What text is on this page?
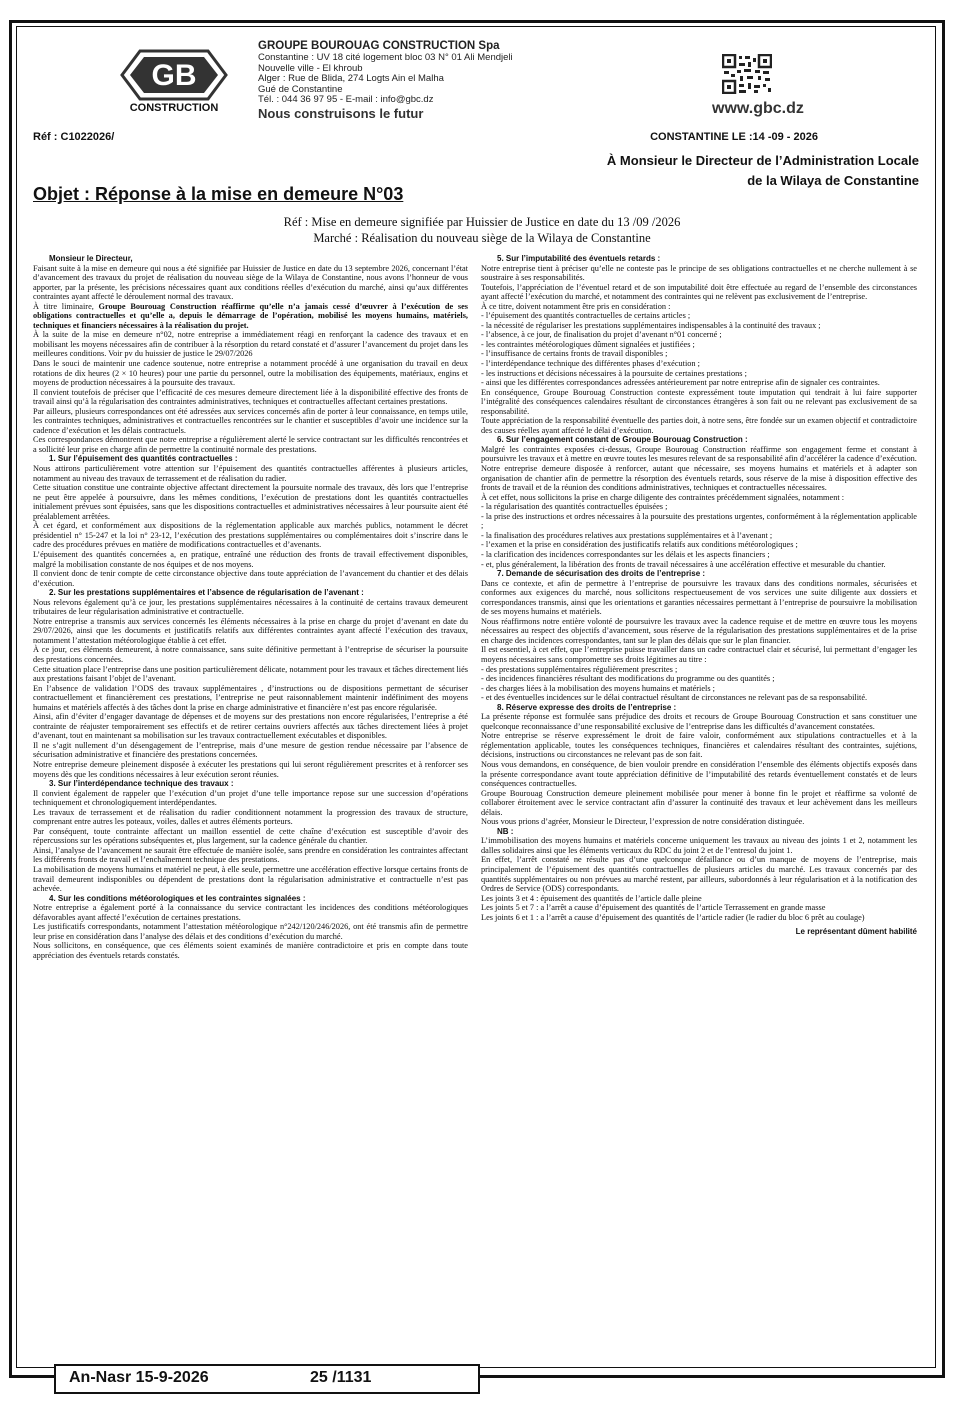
GB
CONSTRUCTION
GROUPE BOUROUAG CONSTRUCTION Spa
Constantine : UV 18 cité logement bloc 03 N° 01 Ali Mendjeli
Nouvelle ville - El khroub
Alger : Rue de Blida, 274 Logts Ain el Malha
Gué de Constantine
Tél. : 044 36 97 95 - E-mail : info@gbc.dz
Nous construisons le futur	www.gbc.dz
Réf : C1022026/	CONSTANTINE LE :14 -09 - 2026
À Monsieur le Directeur de l’Administration Locale
de la Wilaya de Constantine
Objet : Réponse à la mise en demeure N°03
Réf : Mise en demeure signifiée par Huissier de Justice en date du 13 /09 /2026
Marché : Réalisation du nouveau siège de la Wilaya de Constantine

Monsieur le Directeur,

Faisant suite à la mise en demeure qui nous a été signifiée par Huissier de Justice en date du 13 septembre 2026, concernant l’état d’avancement des travaux du projet de réalisation du nouveau siège de la Wilaya de Constantine, nous avons l’honneur de vous apporter, par la présente, les précisions nécessaires quant aux conditions réelles d’exécution du marché, ainsi qu’aux différentes contraintes ayant affecté le déroulement normal des travaux.

À titre liminaire, Groupe Bourouag Construction réaffirme qu’elle n’a jamais cessé d’œuvrer à l’exécution de ses obligations contractuelles et qu’elle a, depuis le démarrage de l’opération, mobilisé les moyens humains, matériels, techniques et financiers nécessaires à la réalisation du projet.

À la suite de la mise en demeure n°02, notre entreprise a immédiatement réagi en renforçant la cadence des travaux et en mobilisant les moyens nécessaires afin de contribuer à la résorption du retard constaté et d’assurer l’avancement du projet dans les meilleures conditions. Voir pv du huissier de justice le 29/07/2026

Dans le souci de maintenir une cadence soutenue, notre entreprise a notamment procédé à une organisation du travail en deux rotations de dix heures (2 × 10 heures) pour une partie du personnel, outre la mobilisation des équipements, matériaux, engins et moyens de production nécessaires à la poursuite des travaux.

Il convient toutefois de préciser que l’efficacité de ces mesures demeure directement liée à la disponibilité effective des fronts de travail ainsi qu’à la régularisation des contraintes administratives, techniques et contractuelles affectant certaines prestations.

Par ailleurs, plusieurs correspondances ont été adressées aux services concernés afin de porter à leur connaissance, en temps utile, les contraintes techniques, administratives et contractuelles rencontrées sur le chantier et susceptibles d’avoir une incidence sur la cadence d’exécution et les délais contractuels.

Ces correspondances démontrent que notre entreprise a régulièrement alerté le service contractant sur les difficultés rencontrées et a sollicité leur prise en charge afin de permettre la continuité normale des prestations.

1. Sur l’épuisement des quantités contractuelles :

Nous attirons particulièrement votre attention sur l’épuisement des quantités contractuelles afférentes à plusieurs articles, notamment au niveau des travaux de terrassement et de réalisation du radier.

Cette situation constitue une contrainte objective affectant directement la poursuite normale des travaux, dès lors que l’entreprise ne peut être appelée à poursuivre, dans les mêmes conditions, l’exécution de prestations dont les quantités contractuelles initialement prévues sont épuisées, sans que les dispositions contractuelles et administratives nécessaires à leur poursuite aient été préalablement arrêtées.

À cet égard, et conformément aux dispositions de la réglementation applicable aux marchés publics, notamment le décret présidentiel n° 15-247 et la loi n° 23-12, l’exécution des prestations supplémentaires ou complémentaires doit s’inscrire dans le cadre des procédures prévues en matière de modifications contractuelles et d’avenants.

L’épuisement des quantités concernées a, en pratique, entraîné une réduction des fronts de travail effectivement disponibles, malgré la mobilisation constante de nos équipes et de nos moyens.

Il convient donc de tenir compte de cette circonstance objective dans toute appréciation de l’avancement du chantier et des délais d’exécution.

2. Sur les prestations supplémentaires et l’absence de régularisation de l’avenant :

Nous relevons également qu’à ce jour, les prestations supplémentaires nécessaires à la continuité de certains travaux demeurent tributaires de leur régularisation administrative et contractuelle.

Notre entreprise a transmis aux services concernés les éléments nécessaires à la prise en charge du projet d’avenant en date du 29/07/2026, ainsi que les documents et justificatifs relatifs aux différentes contraintes ayant affecté l’exécution des travaux, notamment l’attestation météorologique établie à cet effet.

À ce jour, ces éléments demeurent, à notre connaissance, sans suite définitive permettant à l’entreprise de sécuriser la poursuite des prestations concernées.

Cette situation place l’entreprise dans une position particulièrement délicate, notamment pour les travaux et tâches directement liés aux prestations faisant l’objet de l’avenant.

En l’absence de validation l’ODS des travaux supplémentaires , d’instructions ou de dispositions permettant de sécuriser contractuellement et financièrement ces prestations, l’entreprise ne peut raisonnablement maintenir indéfiniment des moyens humains et matériels affectés à des tâches dont la prise en charge administrative et financière n’est pas encore régularisée.

Ainsi, afin d’éviter d’engager davantage de dépenses et de moyens sur des prestations non encore régularisées, l’entreprise a été contrainte de réajuster temporairement ses effectifs et de retirer certains ouvriers affectés aux tâches directement liées à projet d’avenant, tout en maintenant sa mobilisation sur les travaux contractuellement exécutables et disponibles.

Il ne s’agit nullement d’un désengagement de l’entreprise, mais d’une mesure de gestion rendue nécessaire par l’absence de sécurisation administrative et financière des prestations concernées.

Notre entreprise demeure pleinement disposée à exécuter les prestations qui lui seront régulièrement prescrites et à renforcer ses moyens dès que les conditions nécessaires à leur exécution seront réunies.

3. Sur l’interdépendance technique des travaux :

Il convient également de rappeler que l’exécution d’un projet d’une telle importance repose sur une succession d’opérations techniquement et chronologiquement interdépendantes.

Les travaux de terrassement et de réalisation du radier conditionnent notamment la progression des travaux de structure, comprenant entre autres les poteaux, voiles, dalles et autres éléments porteurs.

Par conséquent, toute contrainte affectant un maillon essentiel de cette chaîne d’exécution est susceptible d’avoir des répercussions sur les opérations subséquentes et, plus largement, sur la cadence générale du chantier.

Ainsi, l’analyse de l’avancement ne saurait être effectuée de manière isolée, sans prendre en considération les contraintes affectant les différents fronts de travail et l’enchaînement technique des prestations.

La mobilisation de moyens humains et matériel ne peut, à elle seule, permettre une accélération effective lorsque certains fronts de travail demeurent indisponibles ou dépendent de prestations dont la régularisation administrative et contractuelle n’est pas achevée.

4. Sur les conditions météorologiques et les contraintes signalées :

Notre entreprise a également porté à la connaissance du service contractant les incidences des conditions météorologiques défavorables ayant affecté l’exécution de certaines prestations.

Les justificatifs correspondants, notamment l’attestation météorologique n°242/120/246/2026, ont été transmis afin de permettre leur prise en considération dans l’analyse des délais et des conditions d’exécution du marché.

Nous sollicitons, en conséquence, que ces éléments soient examinés de manière contradictoire et pris en compte dans toute appréciation des éventuels retards constatés.

5. Sur l’imputabilité des éventuels retards :

Notre entreprise tient à préciser qu’elle ne conteste pas le principe de ses obligations contractuelles et ne cherche nullement à se soustraire à ses responsabilités.

Toutefois, l’appréciation de l’éventuel retard et de son imputabilité doit être effectuée au regard de l’ensemble des circonstances ayant affecté l’exécution du marché, et notamment des contraintes qui ne relèvent pas exclusivement de l’entreprise.

À ce titre, doivent notamment être pris en considération :

- l’épuisement des quantités contractuelles de certains articles ;

- la nécessité de régulariser les prestations supplémentaires indispensables à la continuité des travaux ;

- l’absence, à ce jour, de finalisation du projet d’avenant n°01 concerné ;

- les contraintes météorologiques dûment signalées et justifiées ;

- l’insuffisance de certains fronts de travail disponibles ;

- l’interdépendance technique des différentes phases d’exécution ;

- les instructions et décisions nécessaires à la poursuite de certaines prestations ;

- ainsi que les différentes correspondances adressées antérieurement par notre entreprise afin de signaler ces contraintes.

En conséquence, Groupe Bourouag Construction conteste expressément toute imputation qui tendrait à lui faire supporter l’intégralité des conséquences calendaires résultant de circonstances étrangères à son fait ou ne relevant pas exclusivement de sa responsabilité.

Toute appréciation de la responsabilité éventuelle des parties doit, à notre sens, être fondée sur un examen objectif et contradictoire des causes réelles ayant affecté le délai d’exécution.

6. Sur l’engagement constant de Groupe Bourouag Construction :

Malgré les contraintes exposées ci-dessus, Groupe Bourouag Construction réaffirme son engagement ferme et constant à poursuivre les travaux et à mettre en œuvre toutes les mesures relevant de sa responsabilité afin d’accélérer la cadence d’exécution.

Notre entreprise demeure disposée à renforcer, autant que nécessaire, ses moyens humains et matériels et à adapter son organisation de chantier afin de permettre la résorption des éventuels retards, sous réserve de la mise à disposition effective des fronts de travail et de la réunion des conditions administratives, techniques et contractuelles nécessaires.

À cet effet, nous sollicitons la prise en charge diligente des contraintes précédemment signalées, notamment :

- la régularisation des quantités contractuelles épuisées ;

- la prise des instructions et ordres nécessaires à la poursuite des prestations urgentes, conformément à la réglementation applicable ;

- la finalisation des procédures relatives aux prestations supplémentaires et à l’avenant ;

- l’examen et la prise en considération des justificatifs relatifs aux conditions météorologiques ;

- la clarification des incidences correspondantes sur les délais et les aspects financiers ;

- et, plus généralement, la libération des fronts de travail nécessaires à une accélération effective et mesurable du chantier.

7. Demande de sécurisation des droits de l’entreprise :

Dans ce contexte, et afin de permettre à l’entreprise de poursuivre les travaux dans des conditions normales, sécurisées et conformes aux exigences du marché, nous sollicitons respectueusement de vos services une suite diligente aux dossiers et correspondances transmis, ainsi que les orientations et garanties nécessaires permettant à l’entreprise de poursuivre la mobilisation de ses moyens humains et matériels.

Nous réaffirmons notre entière volonté de poursuivre les travaux avec la cadence requise et de mettre en œuvre tous les moyens nécessaires au respect des objectifs d’avancement, sous réserve de la régularisation des prestations supplémentaires et de la prise en charge des incidences correspondantes, tant sur le plan des délais que sur le plan financier.

Il est essentiel, à cet effet, que l’entreprise puisse travailler dans un cadre contractuel clair et sécurisé, lui permettant d’engager les moyens nécessaires sans compromettre ses droits légitimes au titre :

- des prestations supplémentaires régulièrement prescrites ;

- des incidences financières résultant des modifications du programme ou des quantités ;

- des charges liées à la mobilisation des moyens humains et matériels ;

- et des éventuelles incidences sur le délai contractuel résultant de circonstances ne relevant pas de sa responsabilité.

8. Réserve expresse des droits de l’entreprise :

La présente réponse est formulée sans préjudice des droits et recours de Groupe Bourouag Construction et sans constituer une quelconque reconnaissance d’une responsabilité exclusive de l’entreprise dans les difficultés d’avancement constatées.

Notre entreprise se réserve expressément le droit de faire valoir, conformément aux stipulations contractuelles et à la réglementation applicable, toutes les conséquences techniques, financières et calendaires résultant des contraintes, sujétions, décisions, instructions ou circonstances ne relevant pas de son fait.

Nous vous demandons, en conséquence, de bien vouloir prendre en considération l’ensemble des éléments objectifs exposés dans la présente correspondance avant toute appréciation définitive de l’imputabilité des retards éventuellement constatés et de leurs conséquences contractuelles.

Groupe Bourouag Construction demeure pleinement mobilisée pour mener à bonne fin le projet et réaffirme sa volonté de collaborer étroitement avec le service contractant afin d’assurer la continuité des travaux et leur achèvement dans les meilleurs délais.

Nous vous prions d’agréer, Monsieur le Directeur, l’expression de notre considération distinguée.

NB :

L’immobilisation des moyens humains et matériels concerne uniquement les travaux au niveau des joints 1 et 2, notamment les dalles solidaires ainsi que les éléments verticaux du RDC du joint 2 et de l’entresol du joint 1.

En effet, l’arrêt constaté ne résulte pas d’une quelconque défaillance ou d’un manque de moyens de l’entreprise, mais principalement de l’épuisement des quantités contractuelles de plusieurs articles du marché. Les travaux concernés par des quantités supplémentaires ou non prévues au marché restent, par ailleurs, subordonnés à leur régularisation et à la notification des Ordres de Service (ODS) correspondants.

Les joints 3 et 4 : épuisement des quantités de l’article dalle pleine

Les joints 5 et 7 : a l’arrêt a cause d’épuisement des quantités de l’article Terrassement en grande masse

Les joints 6 et 1 : a l’arrêt a cause d’épuisement des quantités de l’article radier (le radier du bloc 6 prêt au coulage)

Le représentant dûment habilité

An-Nasr 15-9-2026	25 /1131
